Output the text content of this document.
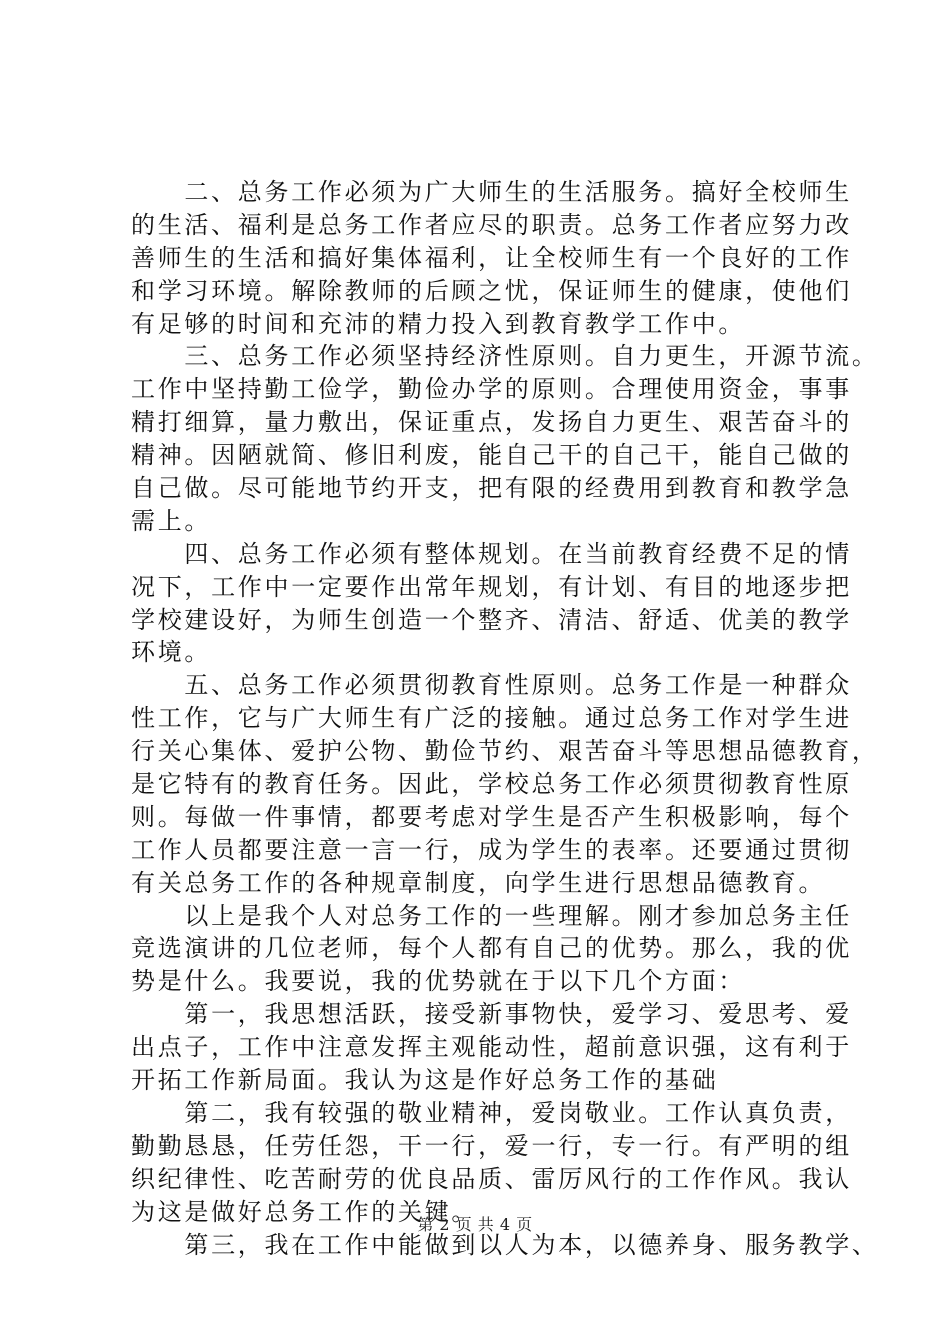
　　二、总务工作必须为广大师生的生活服务。搞好全校师生
的生活、福利是总务工作者应尽的职责。总务工作者应努力改
善师生的生活和搞好集体福利，让全校师生有一个良好的工作
和学习环境。解除教师的后顾之忧，保证师生的健康，使他们
有足够的时间和充沛的精力投入到教育教学工作中。
　　三、总务工作必须坚持经济性原则。自力更生，开源节流。
工作中坚持勤工俭学，勤俭办学的原则。合理使用资金，事事
精打细算，量力敷出，保证重点，发扬自力更生、艰苦奋斗的
精神。因陋就简、修旧利废，能自己干的自己干，能自己做的
自己做。尽可能地节约开支，把有限的经费用到教育和教学急
需上。
　　四、总务工作必须有整体规划。在当前教育经费不足的情
况下，工作中一定要作出常年规划，有计划、有目的地逐步把
学校建设好，为师生创造一个整齐、清洁、舒适、优美的教学
环境。
　　五、总务工作必须贯彻教育性原则。总务工作是一种群众
性工作，它与广大师生有广泛的接触。通过总务工作对学生进
行关心集体、爱护公物、勤俭节约、艰苦奋斗等思想品德教育，
是它特有的教育任务。因此，学校总务工作必须贯彻教育性原
则。每做一件事情，都要考虑对学生是否产生积极影响，每个
工作人员都要注意一言一行，成为学生的表率。还要通过贯彻
有关总务工作的各种规章制度，向学生进行思想品德教育。
　　以上是我个人对总务工作的一些理解。刚才参加总务主任
竞选演讲的几位老师，每个人都有自己的优势。那么，我的优
势是什么。我要说，我的优势就在于以下几个方面：
　　第一，我思想活跃，接受新事物快，爱学习、爱思考、爱
出点子，工作中注意发挥主观能动性，超前意识强，这有利于
开拓工作新局面。我认为这是作好总务工作的基础
　　第二，我有较强的敬业精神，爱岗敬业。工作认真负责，
勤勤恳恳，任劳任怨，干一行，爱一行，专一行。有严明的组
织纪律性、吃苦耐劳的优良品质、雷厉风行的工作作风。我认
为这是做好总务工作的关键。
　　第三，我在工作中能做到以人为本，以德养身、服务教学、
第 2 页 共 4 页
